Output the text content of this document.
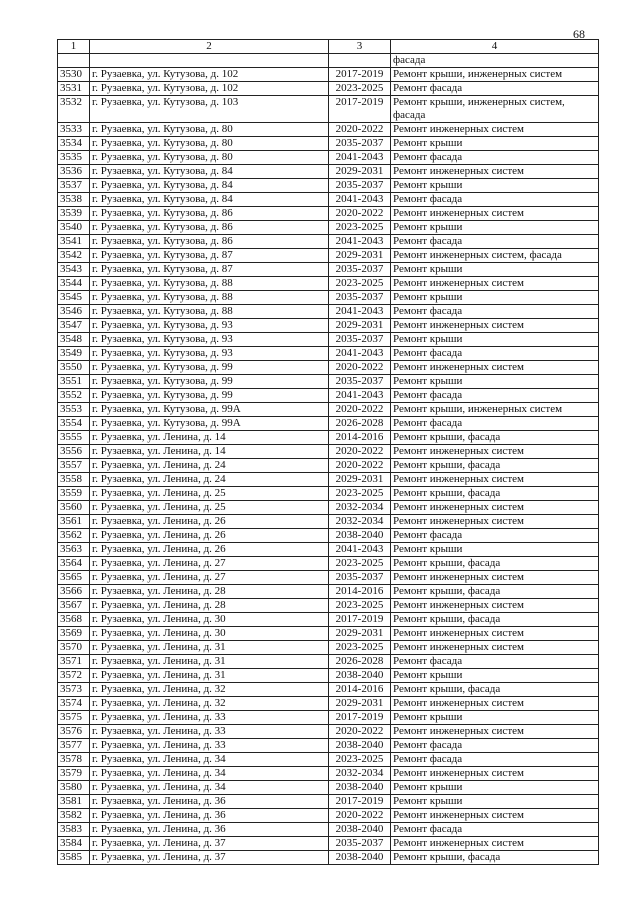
68
1	2	3	4
			фасада
3530	г. Рузаевка, ул. Кутузова, д. 102	2017-2019	Ремонт крыши, инженерных систем
3531	г. Рузаевка, ул. Кутузова, д. 102	2023-2025	Ремонт фасада
3532	г. Рузаевка, ул. Кутузова, д. 103	2017-2019	Ремонт крыши, инженерных систем, фасада
3533	г. Рузаевка, ул. Кутузова, д. 80	2020-2022	Ремонт инженерных систем
3534	г. Рузаевка, ул. Кутузова, д. 80	2035-2037	Ремонт крыши
3535	г. Рузаевка, ул. Кутузова, д. 80	2041-2043	Ремонт фасада
3536	г. Рузаевка, ул. Кутузова, д. 84	2029-2031	Ремонт инженерных систем
3537	г. Рузаевка, ул. Кутузова, д. 84	2035-2037	Ремонт крыши
3538	г. Рузаевка, ул. Кутузова, д. 84	2041-2043	Ремонт фасада
3539	г. Рузаевка, ул. Кутузова, д. 86	2020-2022	Ремонт инженерных систем
3540	г. Рузаевка, ул. Кутузова, д. 86	2023-2025	Ремонт крыши
3541	г. Рузаевка, ул. Кутузова, д. 86	2041-2043	Ремонт фасада
3542	г. Рузаевка, ул. Кутузова, д. 87	2029-2031	Ремонт инженерных систем, фасада
3543	г. Рузаевка, ул. Кутузова, д. 87	2035-2037	Ремонт крыши
3544	г. Рузаевка, ул. Кутузова, д. 88	2023-2025	Ремонт инженерных систем
3545	г. Рузаевка, ул. Кутузова, д. 88	2035-2037	Ремонт крыши
3546	г. Рузаевка, ул. Кутузова, д. 88	2041-2043	Ремонт фасада
3547	г. Рузаевка, ул. Кутузова, д. 93	2029-2031	Ремонт инженерных систем
3548	г. Рузаевка, ул. Кутузова, д. 93	2035-2037	Ремонт крыши
3549	г. Рузаевка, ул. Кутузова, д. 93	2041-2043	Ремонт фасада
3550	г. Рузаевка, ул. Кутузова, д. 99	2020-2022	Ремонт инженерных систем
3551	г. Рузаевка, ул. Кутузова, д. 99	2035-2037	Ремонт крыши
3552	г. Рузаевка, ул. Кутузова, д. 99	2041-2043	Ремонт фасада
3553	г. Рузаевка, ул. Кутузова, д. 99А	2020-2022	Ремонт крыши, инженерных систем
3554	г. Рузаевка, ул. Кутузова, д. 99А	2026-2028	Ремонт фасада
3555	г. Рузаевка, ул. Ленина, д. 14	2014-2016	Ремонт крыши, фасада
3556	г. Рузаевка, ул. Ленина, д. 14	2020-2022	Ремонт инженерных систем
3557	г. Рузаевка, ул. Ленина, д. 24	2020-2022	Ремонт крыши, фасада
3558	г. Рузаевка, ул. Ленина, д. 24	2029-2031	Ремонт инженерных систем
3559	г. Рузаевка, ул. Ленина, д. 25	2023-2025	Ремонт крыши, фасада
3560	г. Рузаевка, ул. Ленина, д. 25	2032-2034	Ремонт инженерных систем
3561	г. Рузаевка, ул. Ленина, д. 26	2032-2034	Ремонт инженерных систем
3562	г. Рузаевка, ул. Ленина, д. 26	2038-2040	Ремонт фасада
3563	г. Рузаевка, ул. Ленина, д. 26	2041-2043	Ремонт крыши
3564	г. Рузаевка, ул. Ленина, д. 27	2023-2025	Ремонт крыши, фасада
3565	г. Рузаевка, ул. Ленина, д. 27	2035-2037	Ремонт инженерных систем
3566	г. Рузаевка, ул. Ленина, д. 28	2014-2016	Ремонт крыши, фасада
3567	г. Рузаевка, ул. Ленина, д. 28	2023-2025	Ремонт инженерных систем
3568	г. Рузаевка, ул. Ленина, д. 30	2017-2019	Ремонт крыши, фасада
3569	г. Рузаевка, ул. Ленина, д. 30	2029-2031	Ремонт инженерных систем
3570	г. Рузаевка, ул. Ленина, д. 31	2023-2025	Ремонт инженерных систем
3571	г. Рузаевка, ул. Ленина, д. 31	2026-2028	Ремонт фасада
3572	г. Рузаевка, ул. Ленина, д. 31	2038-2040	Ремонт крыши
3573	г. Рузаевка, ул. Ленина, д. 32	2014-2016	Ремонт крыши, фасада
3574	г. Рузаевка, ул. Ленина, д. 32	2029-2031	Ремонт инженерных систем
3575	г. Рузаевка, ул. Ленина, д. 33	2017-2019	Ремонт крыши
3576	г. Рузаевка, ул. Ленина, д. 33	2020-2022	Ремонт инженерных систем
3577	г. Рузаевка, ул. Ленина, д. 33	2038-2040	Ремонт фасада
3578	г. Рузаевка, ул. Ленина, д. 34	2023-2025	Ремонт фасада
3579	г. Рузаевка, ул. Ленина, д. 34	2032-2034	Ремонт инженерных систем
3580	г. Рузаевка, ул. Ленина, д. 34	2038-2040	Ремонт крыши
3581	г. Рузаевка, ул. Ленина, д. 36	2017-2019	Ремонт крыши
3582	г. Рузаевка, ул. Ленина, д. 36	2020-2022	Ремонт инженерных систем
3583	г. Рузаевка, ул. Ленина, д. 36	2038-2040	Ремонт фасада
3584	г. Рузаевка, ул. Ленина, д. 37	2035-2037	Ремонт инженерных систем
3585	г. Рузаевка, ул. Ленина, д. 37	2038-2040	Ремонт крыши, фасада
